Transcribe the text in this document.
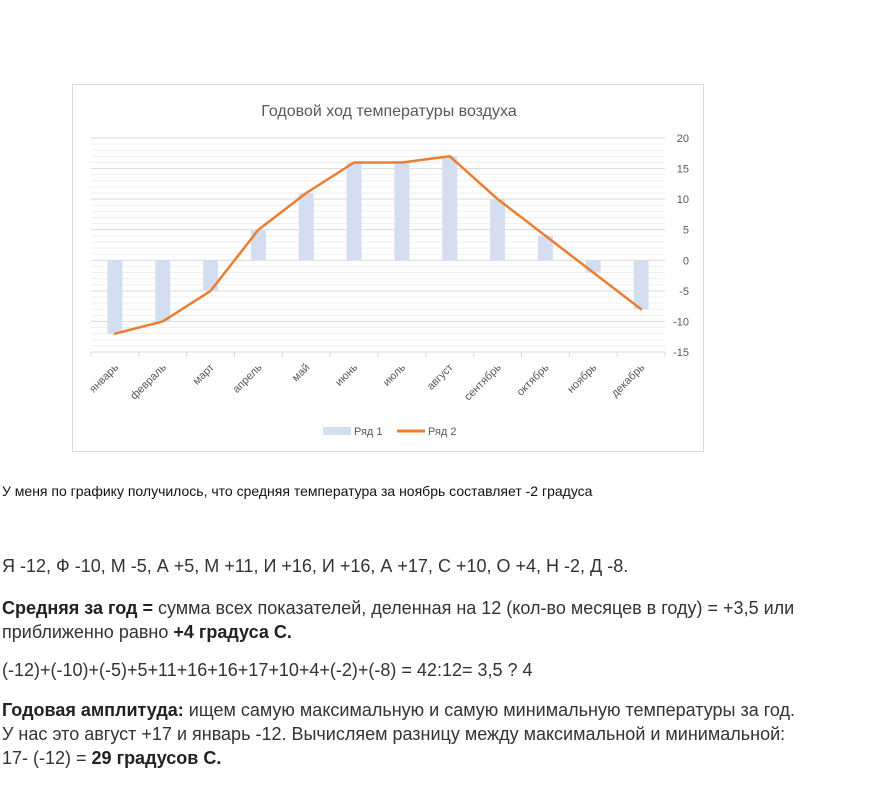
Годовой ход температуры воздуха
20
15
10
5
0
-5
-10
-15
январь февраль март апрель май июнь июль август сентябрь октябрь ноябрь декабрь
Ряд 1	Ряд 2
У меня по графику получилось, что средняя температура за ноябрь составляет -2 градуса
Я -12, Ф -10, М -5, А +5, М +11, И +16, И +16, А +17, С +10, О +4, Н -2, Д -8.
Средняя за год = сумма всех показателей, деленная на 12 (кол-во месяцев в году) = +3,5 или приближенно равно +4 градуса С.
(-12)+(-10)+(-5)+5+11+16+16+17+10+4+(-2)+(-8) = 42:12= 3,5 ? 4
Годовая амплитуда: ищем самую максимальную и самую минимальную температуры за год. У нас это август +17 и январь -12. Вычисляем разницу между максимальной и минимальной: 17- (-12) = 29 градусов С.
